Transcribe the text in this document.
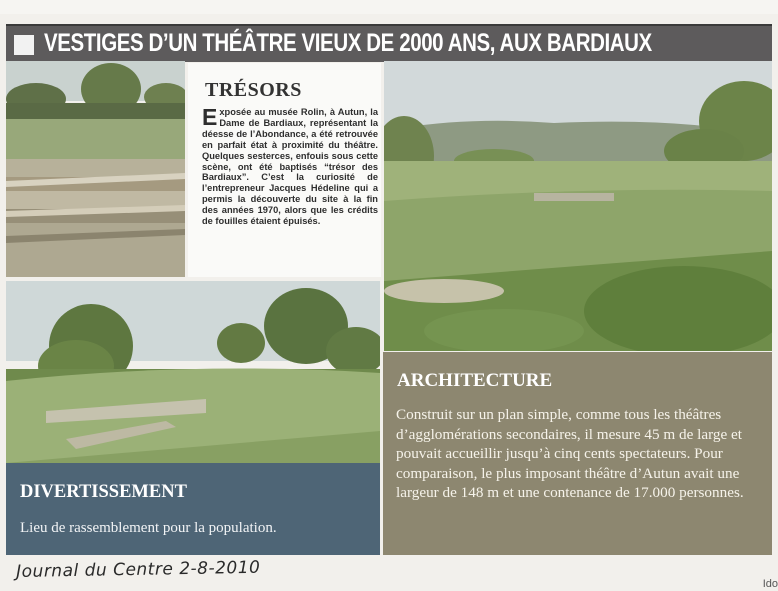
VESTIGES D’UN THÉÂTRE VIEUX DE 2000 ANS, AUX BARDIAUX
TRÉSORS
Exposée au musée Rolin, à Autun, la Dame de Bardiaux, représentant la déesse de l’Abondance, a été retrouvée en parfait état à proximité du théâtre. Quelques sesterces, enfouis sous cette scène, ont été baptisés “trésor des Bardiaux”. C’est la curiosité de l’entrepreneur Jacques Hédeline qui a permis la découverte du site à la fin des années 1970, alors que les crédits de fouilles étaient épuisés.
ARCHITECTURE
Construit sur un plan simple, comme tous les théâtres d’agglomérations secondaires, il mesure 45 m de large et pouvait accueillir jusqu’à cinq cents spectateurs. Pour comparaison, le plus imposant théâtre d’Autun avait une largeur de 148 m et une contenance de 17.000 personnes.
DIVERTISSEMENT
Lieu de rassemblement pour la population.
Journal du Centre 2-8-2010
Ido
